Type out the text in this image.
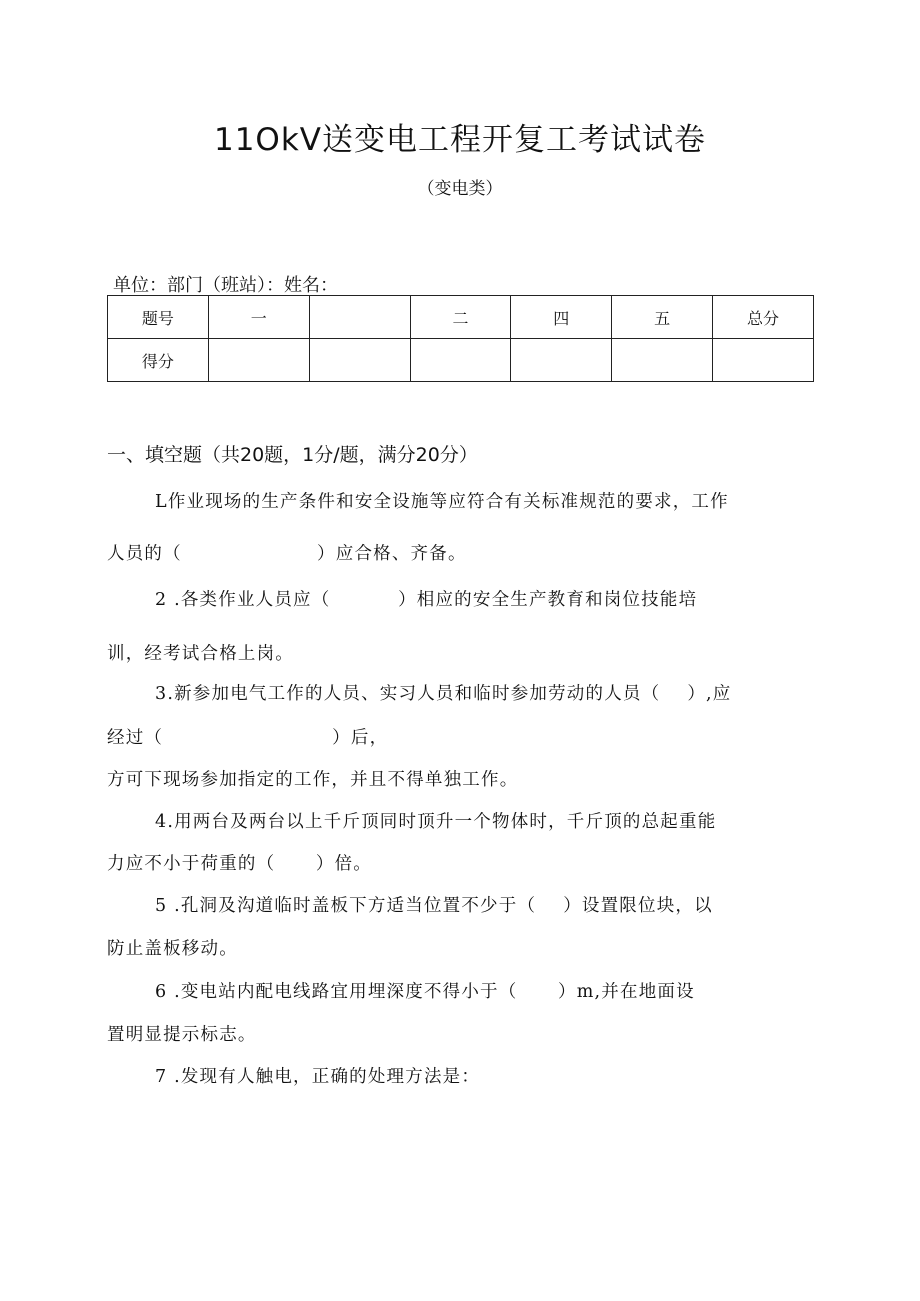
11OkV送变电工程开复工考试试卷
（变电类）
单位：部门（班站）：姓名：
题号	一		二	四	五	总分
得分						
一、填空题（共20题，1分/题，满分20分）
L作业现场的生产条件和安全设施等应符合有关标准规范的要求，工作
人员的（                    ）应合格、齐备。
2 .各类作业人员应（          ）相应的安全生产教育和岗位技能培
训，经考试合格上岗。
3.新参加电气工作的人员、实习人员和临时参加劳动的人员（    ）,应
经过（                         ）后，
方可下现场参加指定的工作，并且不得单独工作。
4.用两台及两台以上千斤顶同时顶升一个物体时，千斤顶的总起重能
力应不小于荷重的（      ）倍。
5 .孔洞及沟道临时盖板下方适当位置不少于（    ）设置限位块，以
防止盖板移动。
6 .变电站内配电线路宜用埋深度不得小于（      ）m,并在地面设
置明显提示标志。
7 .发现有人触电，正确的处理方法是：
